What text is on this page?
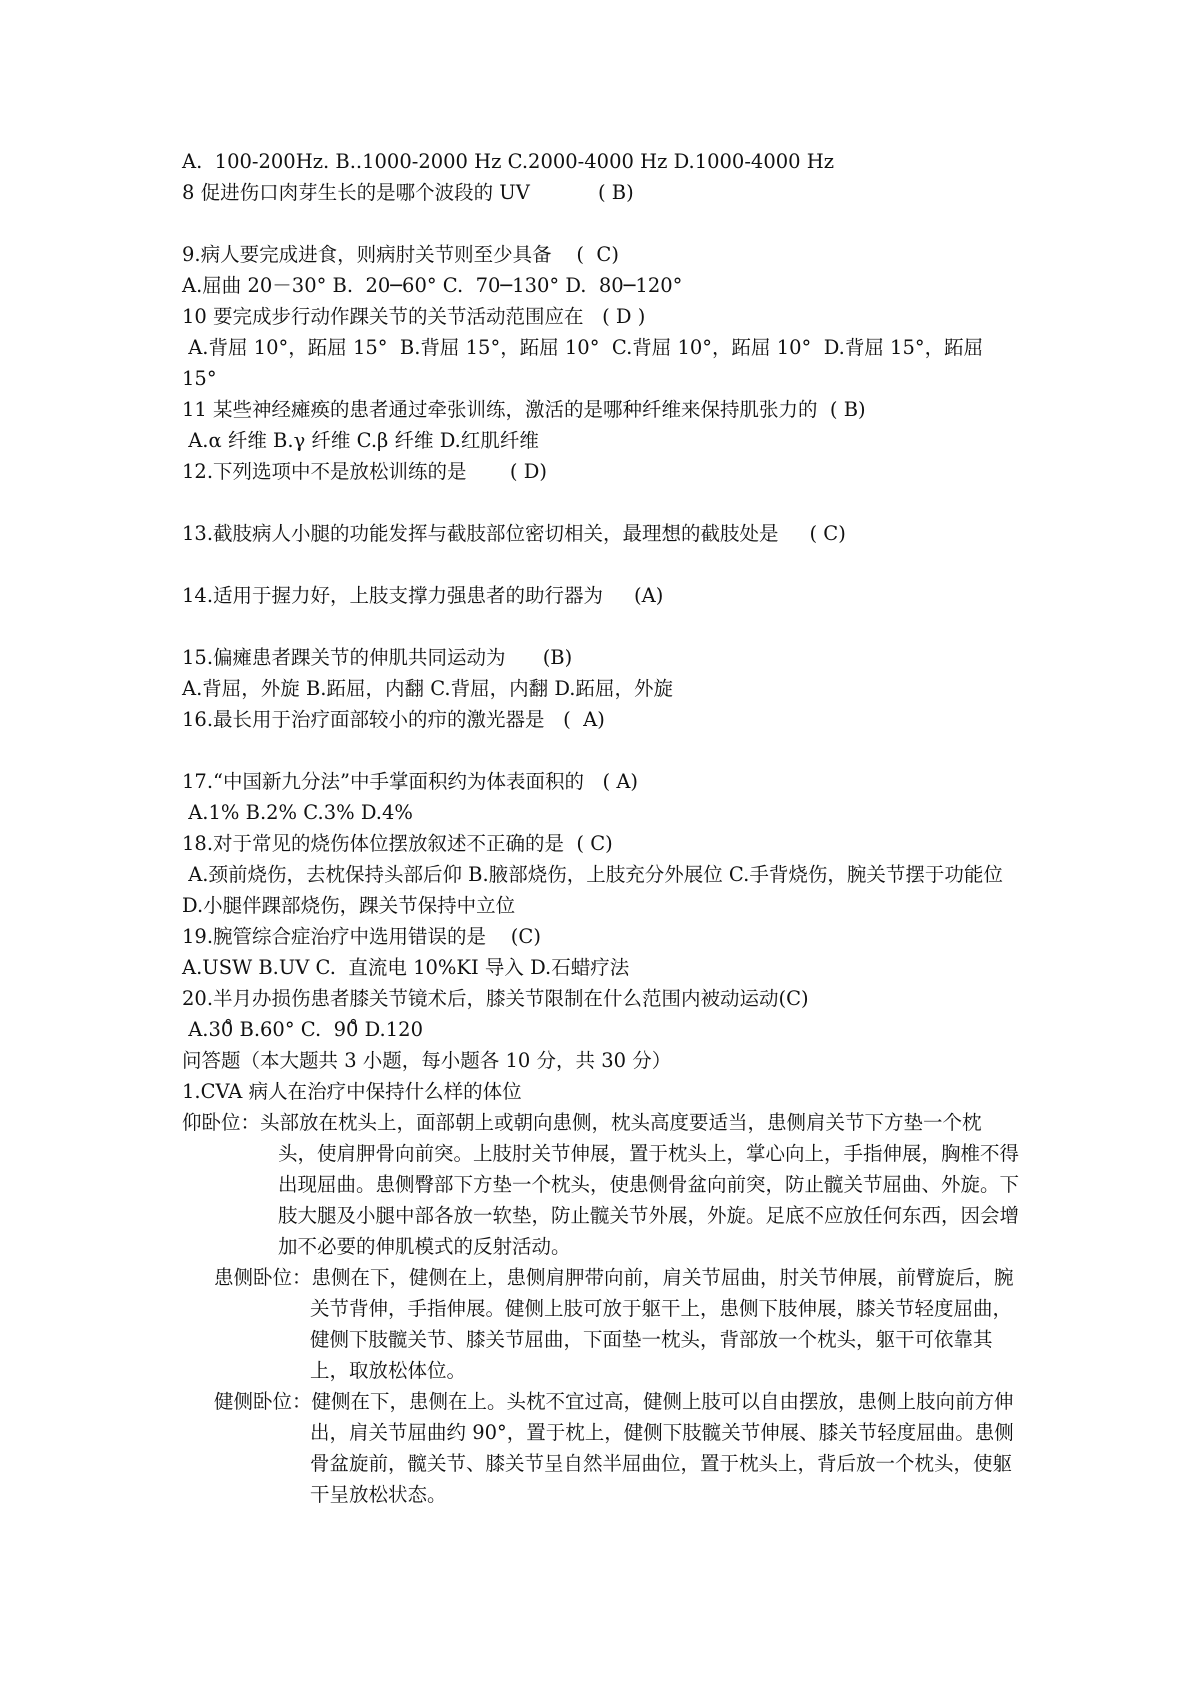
A.  100-200Hz. B..1000-2000 Hz C.2000-4000 Hz D.1000-4000 Hz

8 促进伤口肉芽生长的是哪个波段的 UV           ( B)

9.病人要完成进食，则病肘关节则至少具备    (  C)

A.屈曲 20－30° B.  20─60° C.  70─130° D.  80─120°

10 要完成步行动作踝关节的关节活动范围应在   ( D )

A.背屈 10°，跖屈 15°  B.背屈 15°，跖屈 10°  C.背屈 10°，跖屈 10°  D.背屈 15°，跖屈 15°

11 某些神经瘫痪的患者通过牵张训练，激活的是哪种纤维来保持肌张力的  ( B)

A.α 纤维 B.γ 纤维 C.β 纤维 D.红肌纤维

12.下列选项中不是放松训练的是       ( D)

13.截肢病人小腿的功能发挥与截肢部位密切相关，最理想的截肢处是     ( C)

14.适用于握力好，上肢支撑力强患者的助行器为     (A)

15.偏瘫患者踝关节的伸肌共同运动为      (B)

A.背屈，外旋 B.跖屈，内翻 C.背屈，内翻 D.跖屈，外旋

16.最长用于治疗面部较小的疖的激光器是   (  A)

17.“中国新九分法”中手掌面积约为体表面积的   ( A)

A.1% B.2% C.3% D.4%

18.对于常见的烧伤体位摆放叙述不正确的是  ( C)

A.颈前烧伤，去枕保持头部后仰 B.腋部烧伤，上肢充分外展位 C.手背烧伤，腕关节摆于功能位 D.小腿伴踝部烧伤，踝关节保持中立位

19.腕管综合症治疗中选用错误的是    (C)

A.USW B.UV C.  直流电 10%KI 导入 D.石蜡疗法

20.半月办损伤患者膝关节镜术后，膝关节限制在什么范围内被动运动(C)

A.30̊ B.60° C.  90̊ D.120

问答题（本大题共 3 小题，每小题各 10 分，共 30 分）

1.CVA 病人在治疗中保持什么样的体位

仰卧位：头部放在枕头上，面部朝上或朝向患侧，枕头高度要适当，患侧肩关节下方垫一个枕头，使肩胛骨向前突。上肢肘关节伸展，置于枕头上，掌心向上，手指伸展，胸椎不得出现屈曲。患侧臀部下方垫一个枕头，使患侧骨盆向前突，防止髋关节屈曲、外旋。下肢大腿及小腿中部各放一软垫，防止髋关节外展，外旋。足底不应放任何东西，因会增加不必要的伸肌模式的反射活动。

患侧卧位：患侧在下，健侧在上，患侧肩胛带向前，肩关节屈曲，肘关节伸展，前臂旋后，腕关节背伸，手指伸展。健侧上肢可放于躯干上，患侧下肢伸展，膝关节轻度屈曲，健侧下肢髋关节、膝关节屈曲，下面垫一枕头，背部放一个枕头，躯干可依靠其上，取放松体位。

健侧卧位：健侧在下，患侧在上。头枕不宜过高，健侧上肢可以自由摆放，患侧上肢向前方伸出，肩关节屈曲约 90°，置于枕上，健侧下肢髋关节伸展、膝关节轻度屈曲。患侧骨盆旋前，髋关节、膝关节呈自然半屈曲位，置于枕头上，背后放一个枕头，使躯干呈放松状态。
